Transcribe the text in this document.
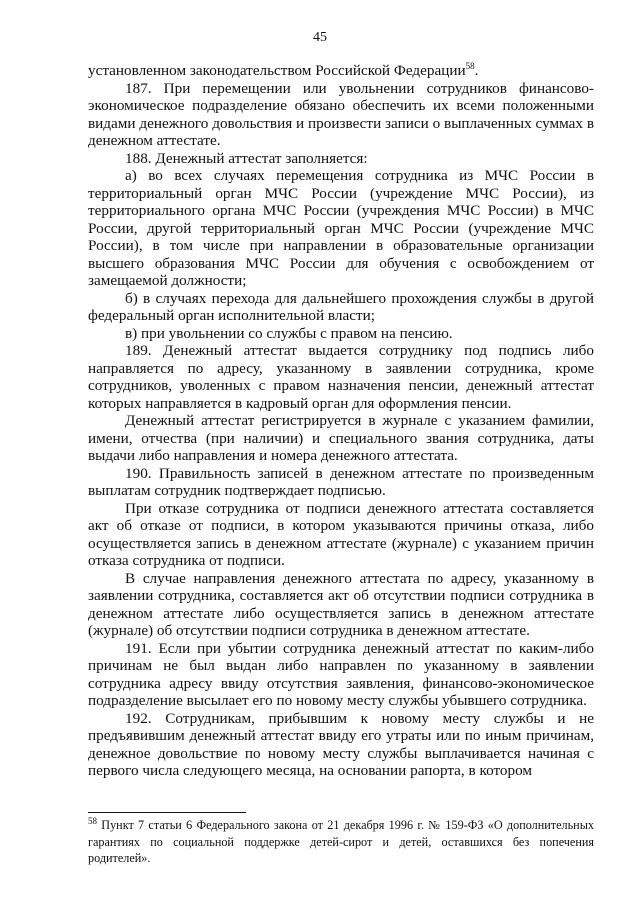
45

установленном законодательством Российской Федерации$^{58}$.

187. При перемещении или увольнении сотрудников финансово-экономическое подразделение обязано обеспечить их всеми положенными видами денежного довольствия и произвести записи о выплаченных суммах в денежном аттестате.

188. Денежный аттестат заполняется:

а) во всех случаях перемещения сотрудника из МЧС России в территориальный орган МЧС России (учреждение МЧС России), из территориального органа МЧС России (учреждения МЧС России) в МЧС России, другой территориальный орган МЧС России (учреждение МЧС России), в том числе при направлении в образовательные организации высшего образования МЧС России для обучения с освобождением от замещаемой должности;

б) в случаях перехода для дальнейшего прохождения службы в другой федеральный орган исполнительной власти;

в) при увольнении со службы с правом на пенсию.

189. Денежный аттестат выдается сотруднику под подпись либо направляется по адресу, указанному в заявлении сотрудника, кроме сотрудников, уволенных с правом назначения пенсии, денежный аттестат которых направляется в кадровый орган для оформления пенсии.

Денежный аттестат регистрируется в журнале с указанием фамилии, имени, отчества (при наличии) и специального звания сотрудника, даты выдачи либо направления и номера денежного аттестата.

190. Правильность записей в денежном аттестате по произведенным выплатам сотрудник подтверждает подписью.

При отказе сотрудника от подписи денежного аттестата составляется акт об отказе от подписи, в котором указываются причины отказа, либо осуществляется запись в денежном аттестате (журнале) с указанием причин отказа сотрудника от подписи.

В случае направления денежного аттестата по адресу, указанному в заявлении сотрудника, составляется акт об отсутствии подписи сотрудника в денежном аттестате либо осуществляется запись в денежном аттестате (журнале) об отсутствии подписи сотрудника в денежном аттестате.

191. Если при убытии сотрудника денежный аттестат по каким-либо причинам не был выдан либо направлен по указанному в заявлении сотрудника адресу ввиду отсутствия заявления, финансово-экономическое подразделение высылает его по новому месту службы убывшего сотрудника.

192. Сотрудникам, прибывшим к новому месту службы и не предъявившим денежный аттестат ввиду его утраты или по иным причинам, денежное довольствие по новому месту службы выплачивается начиная с первого числа следующего месяца, на основании рапорта, в котором

$^{58}$ Пункт 7 статьи 6 Федерального закона от 21 декабря 1996 г. № 159-ФЗ «О дополнительных гарантиях по социальной поддержке детей-сирот и детей, оставшихся без попечения родителей».
